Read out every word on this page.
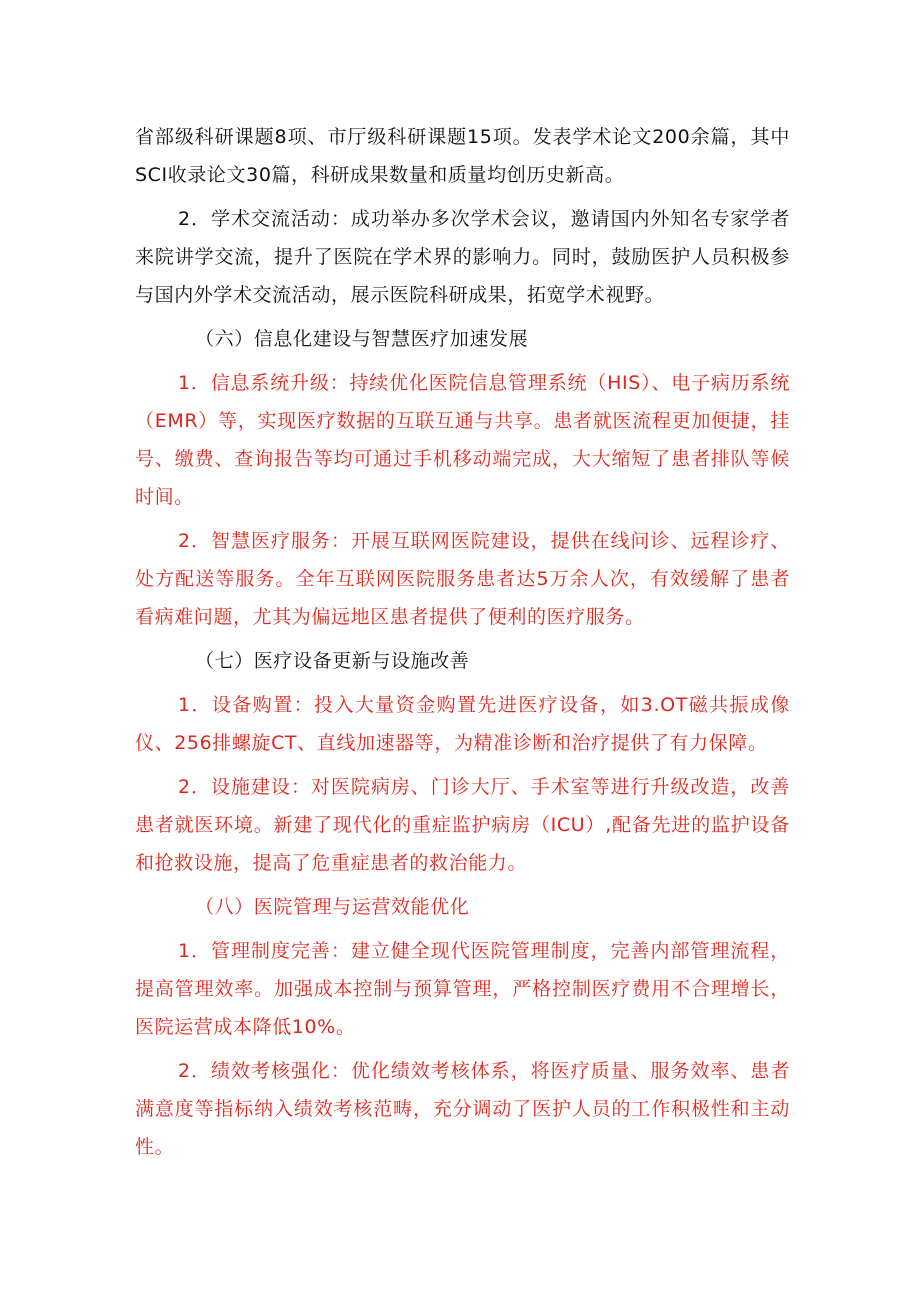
省部级科研课题8项、市厅级科研课题15项。发表学术论文200余篇，其中SCI收录论文30篇，科研成果数量和质量均创历史新高。

2．学术交流活动：成功举办多次学术会议，邀请国内外知名专家学者来院讲学交流，提升了医院在学术界的影响力。同时，鼓励医护人员积极参与国内外学术交流活动，展示医院科研成果，拓宽学术视野。

（六）信息化建设与智慧医疗加速发展

1．信息系统升级：持续优化医院信息管理系统（HIS）、电子病历系统（EMR）等，实现医疗数据的互联互通与共享。患者就医流程更加便捷，挂号、缴费、查询报告等均可通过手机移动端完成，大大缩短了患者排队等候时间。

2．智慧医疗服务：开展互联网医院建设，提供在线问诊、远程诊疗、处方配送等服务。全年互联网医院服务患者达5万余人次，有效缓解了患者看病难问题，尤其为偏远地区患者提供了便利的医疗服务。

（七）医疗设备更新与设施改善

1．设备购置：投入大量资金购置先进医疗设备，如3.OT磁共振成像仪、256排螺旋CT、直线加速器等，为精准诊断和治疗提供了有力保障。

2．设施建设：对医院病房、门诊大厅、手术室等进行升级改造，改善患者就医环境。新建了现代化的重症监护病房（ICU）,配备先进的监护设备和抢救设施，提高了危重症患者的救治能力。

（八）医院管理与运营效能优化

1．管理制度完善：建立健全现代医院管理制度，完善内部管理流程，提高管理效率。加强成本控制与预算管理，严格控制医疗费用不合理增长，医院运营成本降低10%。

2．绩效考核强化：优化绩效考核体系，将医疗质量、服务效率、患者满意度等指标纳入绩效考核范畴，充分调动了医护人员的工作积极性和主动性。
